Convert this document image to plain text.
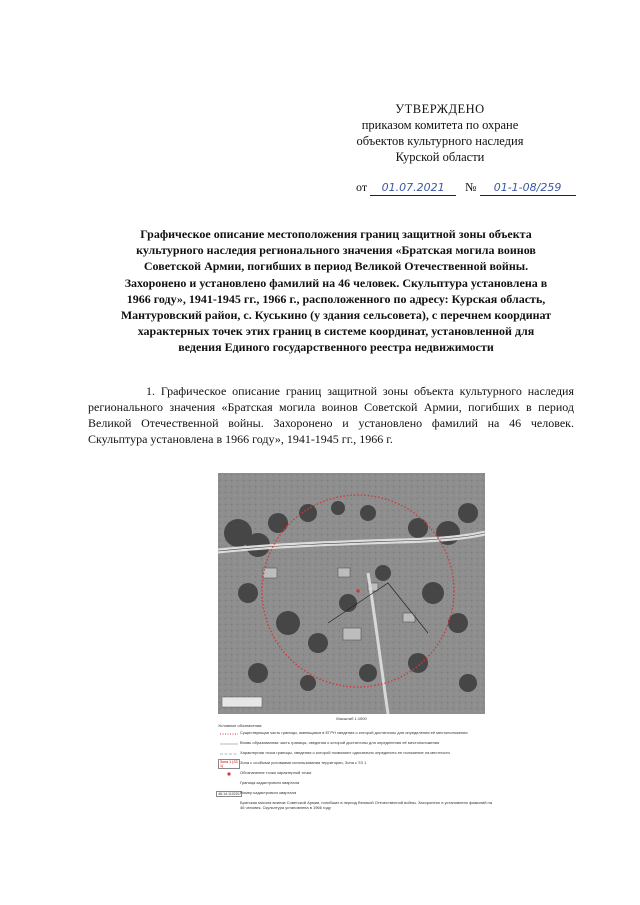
УТВЕРЖДЕНО
приказом комитета по охране
объектов культурного наследия
Курской области
от 01.07.2021 № 01-1-08/259
Графическое описание местоположения границ защитной зоны объекта культурного наследия регионального значения «Братская могила воинов Советской Армии, погибших в период Великой Отечественной войны. Захоронено и установлено фамилий на 46 человек. Скульптура установлена в 1966 году», 1941-1945 гг., 1966 г., расположенного по адресу: Курская область, Мантуровский район, с. Куськино (у здания сельсовета), с перечнем координат характерных точек этих границ в системе координат, установленной для ведения Единого государственного реестра недвижимости
1. Графическое описание границ защитной зоны объекта культурного наследия регионального значения «Братская могила воинов Советской Армии, погибших в период Великой Отечественной войны. Захоронено и установлено фамилий на 46 человек. Скульптура установлена в 1966 году», 1941-1945 гг., 1966 г.
Масштаб 1:1000
Условные обозначения:
Существующая часть границы, имеющаяся в ЕГРН сведения о которой достаточны для определения её местоположения
Вновь образованная часть границы, сведения о которой достаточны для определения её местоположения
Характерная точка границы, сведения о которой позволяют однозначно определить ее положение на местности
Зона 1 (ЗЗ 1)
Зона с особыми условиями использования территории, Зона с ЗЗ 1
Обозначение точки характерной точки
Граница кадастрового квартала
46:14:110201 Номер кадастрового квартала
Братская могила воинов Советской Армии, погибших в период Великой Отечественной войны. Захоронено и установлено фамилий на 46 человек. Скульптура установлена в 1966 году
